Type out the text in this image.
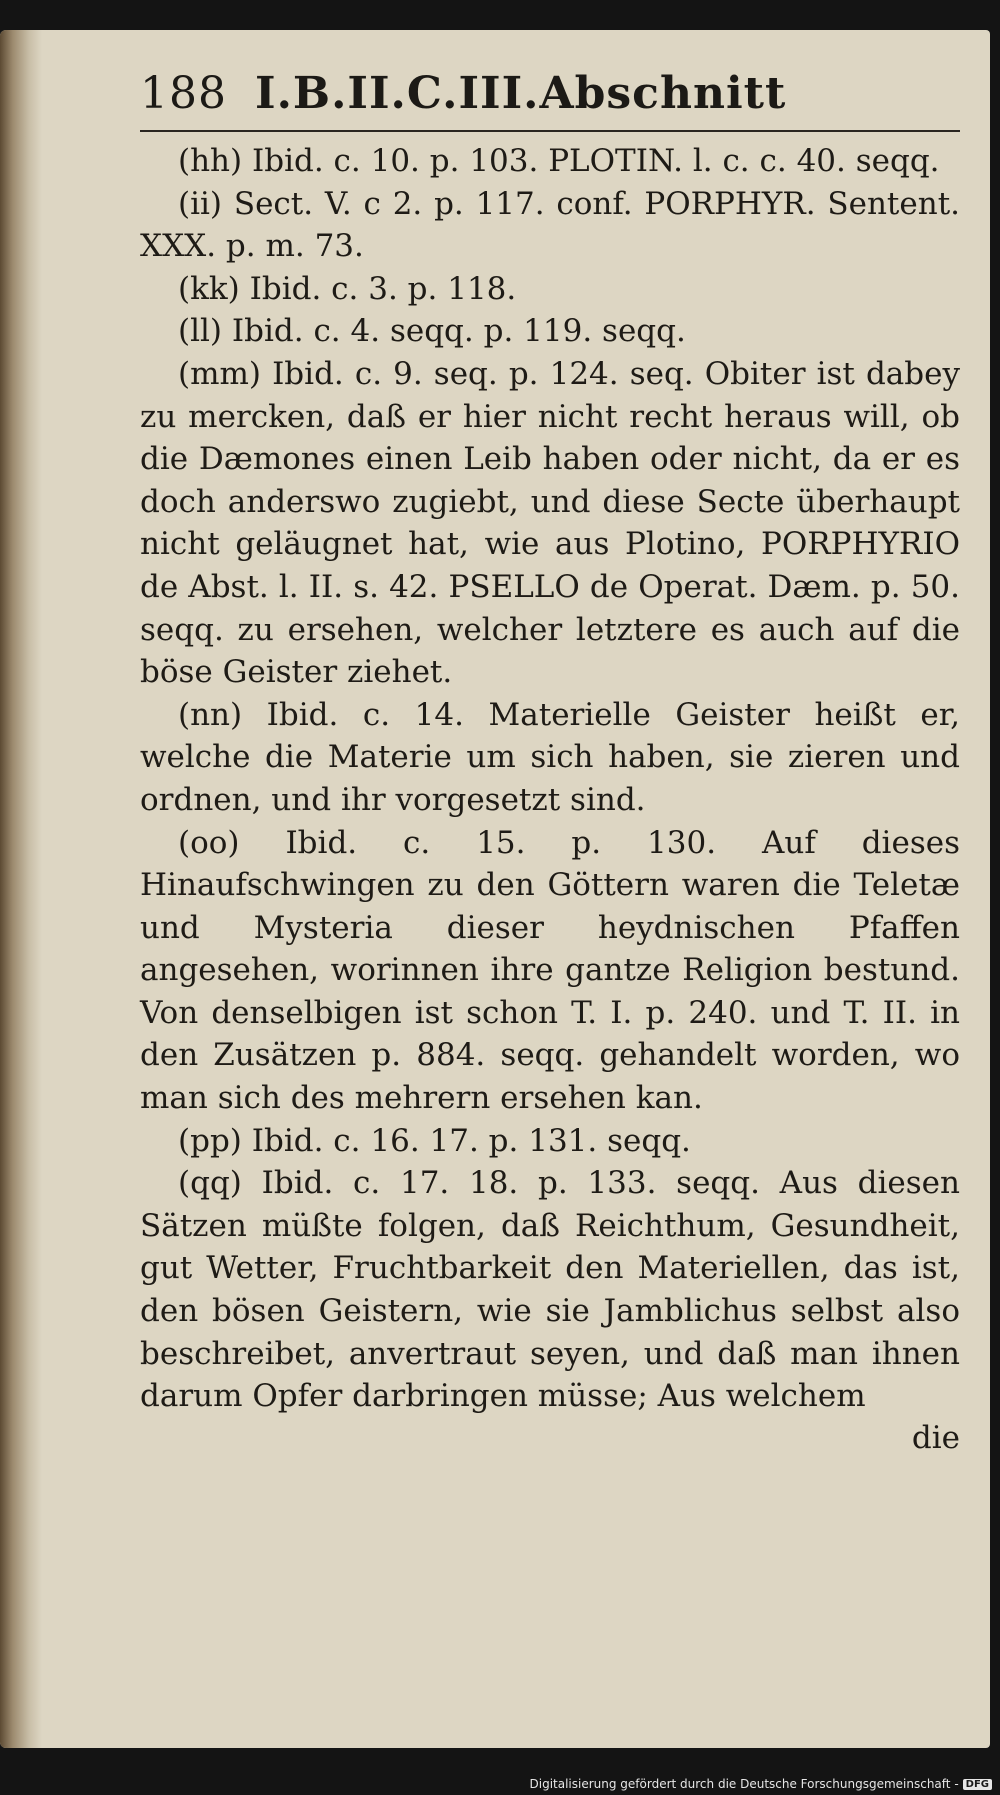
188 I.B.II.C.III.Abschnitt

(hh) Ibid. c. 10. p. 103. PLOTIN. l. c. c. 40. seqq.

(ii) Sect. V. c 2. p. 117. conf. PORPHYR. Sentent. XXX. p. m. 73.

(kk) Ibid. c. 3. p. 118.

(ll) Ibid. c. 4. seqq. p. 119. seqq.

(mm) Ibid. c. 9. seq. p. 124. seq. Obiter ist dabey zu mercken, daß er hier nicht recht heraus will, ob die Dæmones einen Leib haben oder nicht, da er es doch anderswo zugiebt, und diese Secte überhaupt nicht geläugnet hat, wie aus Plotino, PORPHYRIO de Abst. l. II. s. 42. PSELLO de Operat. Dæm. p. 50. seqq. zu ersehen, welcher letztere es auch auf die böse Geister ziehet.

(nn) Ibid. c. 14. Materielle Geister heißt er, welche die Materie um sich haben, sie zieren und ordnen, und ihr vorgesetzt sind.

(oo) Ibid. c. 15. p. 130. Auf dieses Hinaufschwingen zu den Göttern waren die Teletæ und Mysteria dieser heydnischen Pfaffen angesehen, worinnen ihre gantze Religion bestund. Von denselbigen ist schon T. I. p. 240. und T. II. in den Zusätzen p. 884. seqq. gehandelt worden, wo man sich des mehrern ersehen kan.

(pp) Ibid. c. 16. 17. p. 131. seqq.

(qq) Ibid. c. 17. 18. p. 133. seqq. Aus diesen Sätzen müßte folgen, daß Reichthum, Gesundheit, gut Wetter, Fruchtbarkeit den Materiellen, das ist, den bösen Geistern, wie sie Jamblichus selbst also beschreibet, anvertraut seyen, und daß man ihnen darum Opfer darbringen müsse; Aus welchem

die
Digitalisierung gefördert durch die Deutsche Forschungsgemeinschaft - DFG
